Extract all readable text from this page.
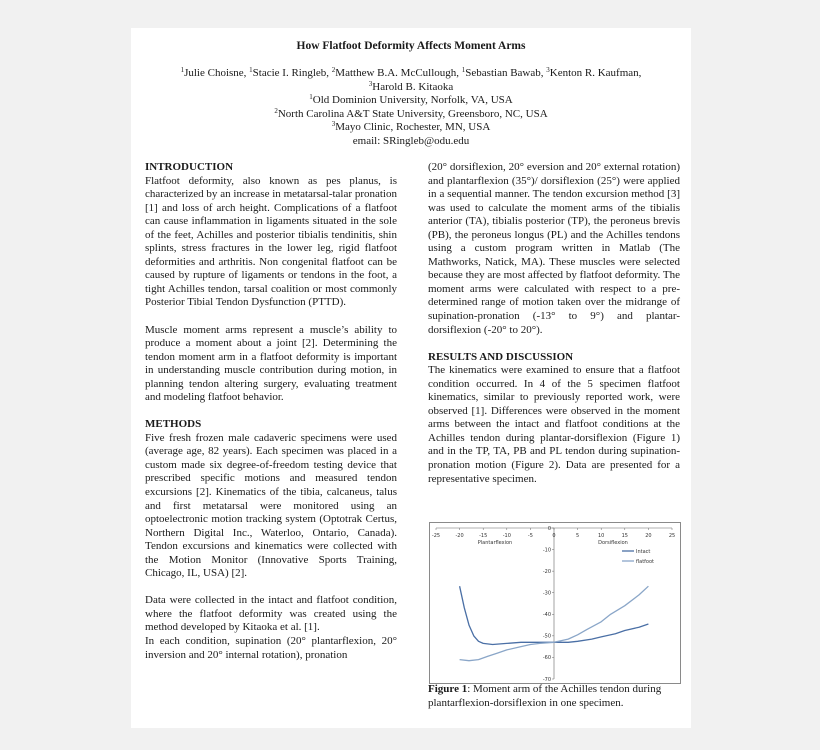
How Flatfoot Deformity Affects Moment Arms
$^1$Julie Choisne, $^1$Stacie I. Ringleb, $^2$Matthew B.A. McCullough, $^1$Sebastian Bawab, $^3$Kenton R. Kaufman,
$^3$Harold B. Kitaoka
$^1$Old Dominion University, Norfolk, VA, USA
$^2$North Carolina A&T State University, Greensboro, NC, USA
$^3$Mayo Clinic, Rochester, MN, USA
email: SRingleb@odu.edu
INTRODUCTION
Flatfoot deformity, also known as pes planus, is characterized by an increase in metatarsal-talar pronation [1] and loss of arch height. Complications of a flatfoot can cause inflammation in ligaments situated in the sole of the feet, Achilles and posterior tibialis tendinitis, shin splints, stress fractures in the lower leg, rigid flatfoot deformities and arthritis. Non congenital flatfoot can be caused by rupture of ligaments or tendons in the foot, a tight Achilles tendon, tarsal coalition or most commonly Posterior Tibial Tendon Dysfunction (PTTD).
Muscle moment arms represent a muscle’s ability to produce a moment about a joint [2]. Determining the tendon moment arm in a flatfoot deformity is important in understanding muscle contribution during motion, in planning tendon altering surgery, evaluating treatment and modeling flatfoot behavior.
METHODS
Five fresh frozen male cadaveric specimens were used (average age, 82 years). Each specimen was placed in a custom made six degree-of-freedom testing device that prescribed specific motions and measured tendon excursions [2]. Kinematics of the tibia, calcaneus, talus and first metatarsal were monitored using an optoelectronic motion tracking system (Optotrak Certus, Northern Digital Inc., Waterloo, Ontario, Canada). Tendon excursions and kinematics were collected with the Motion Monitor (Innovative Sports Training, Chicago, IL, USA) [2].
Data were collected in the intact and flatfoot condition, where the flatfoot deformity was created using the method developed by Kitaoka et al. [1].
In each condition, supination (20° plantarflexion, 20° inversion and 20° internal rotation), pronation
(20° dorsiflexion, 20° eversion and 20° external rotation) and plantarflexion (35°)/ dorsiflexion (25°) were applied in a sequential manner. The tendon excursion method [3] was used to calculate the moment arms of the tibialis anterior (TA), tibialis posterior (TP), the peroneus brevis (PB), the peroneus longus (PL) and the Achilles tendons using a custom program written in Matlab (The Mathworks, Natick, MA). These muscles were selected because they are most affected by flatfoot deformity. The moment arms were calculated with respect to a pre-determined range of motion taken over the midrange of supination-pronation (-13° to 9°) and plantar-dorsiflexion (-20° to 20°).
RESULTS AND DISCUSSION
The kinematics were examined to ensure that a flatfoot condition occurred. In 4 of the 5 specimen flatfoot kinematics, similar to previously reported work, were observed [1]. Differences were observed in the moment arms between the intact and flatfoot conditions at the Achilles tendon during plantar-dorsiflexion (Figure 1) and in the TP, TA, PB and PL tendon during supination-pronation motion (Figure 2). Data are presented for a representative specimen.
-25	-20	-15	-10	-5	0	5	10	15	20	25
0
-10
-20
-30
-40
-50
-60
-70
Plantarflexion	Dorsiflexion
Intact
flatfoot
Figure 1: Moment arm of the Achilles tendon during plantarflexion-dorsiflexion in one specimen.
